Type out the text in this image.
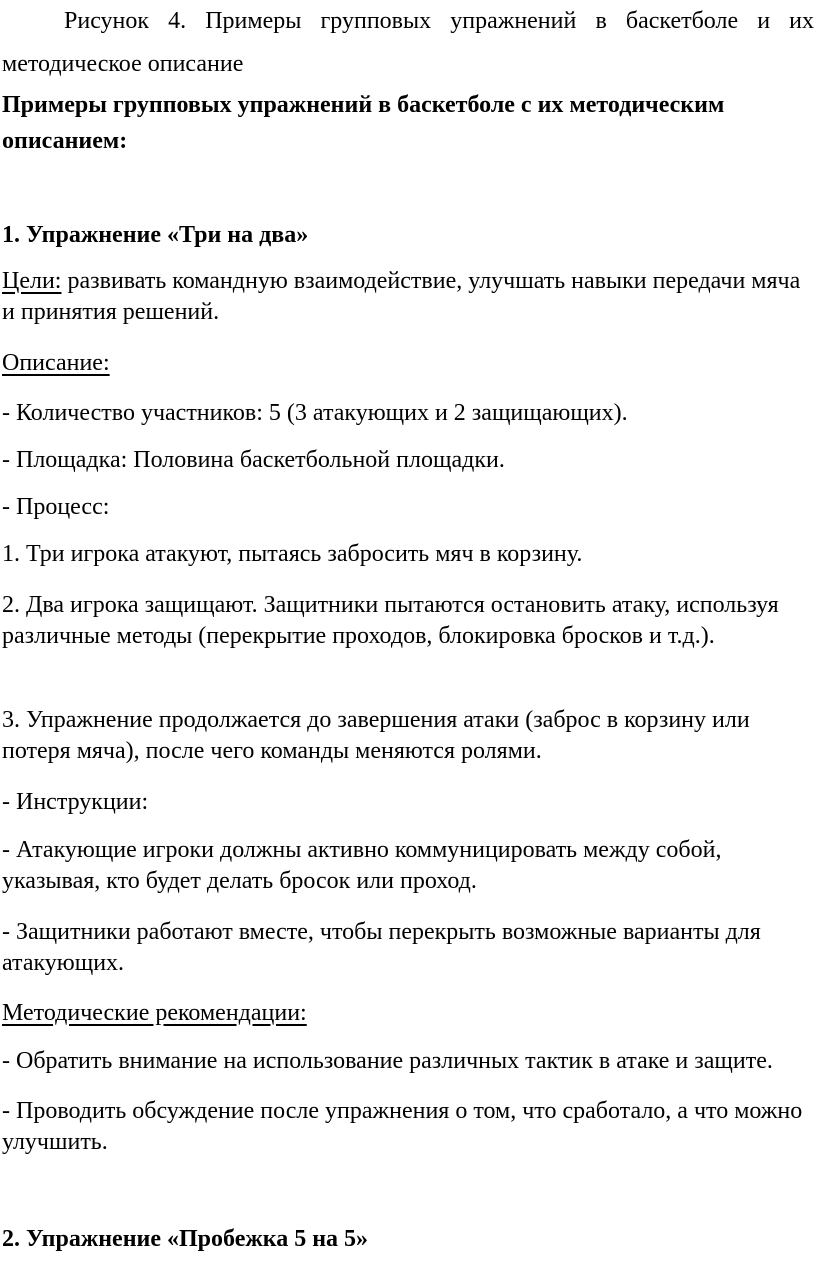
Рисунок 4. Примеры групповых упражнений в баскетболе и их методическое описание
Примеры групповых упражнений в баскетболе с их методическим описанием:
1. Упражнение «Три на два»
Цели: развивать командную взаимодействие, улучшать навыки передачи мяча и принятия решений.
Описание:
- Количество участников: 5 (3 атакующих и 2 защищающих).
- Площадка: Половина баскетбольной площадки.
- Процесс:
1. Три игрока атакуют, пытаясь забросить мяч в корзину.
2. Два игрока защищают. Защитники пытаются остановить атаку, используя различные методы (перекрытие проходов, блокировка бросков и т.д.).
3. Упражнение продолжается до завершения атаки (заброс в корзину или потеря мяча), после чего команды меняются ролями.
- Инструкции:
- Атакующие игроки должны активно коммуницировать между собой, указывая, кто будет делать бросок или проход.
- Защитники работают вместе, чтобы перекрыть возможные варианты для атакующих.
Методические рекомендации:
- Обратить внимание на использование различных тактик в атаке и защите.
- Проводить обсуждение после упражнения о том, что сработало, а что можно улучшить.
2. Упражнение «Пробежка 5 на 5»
